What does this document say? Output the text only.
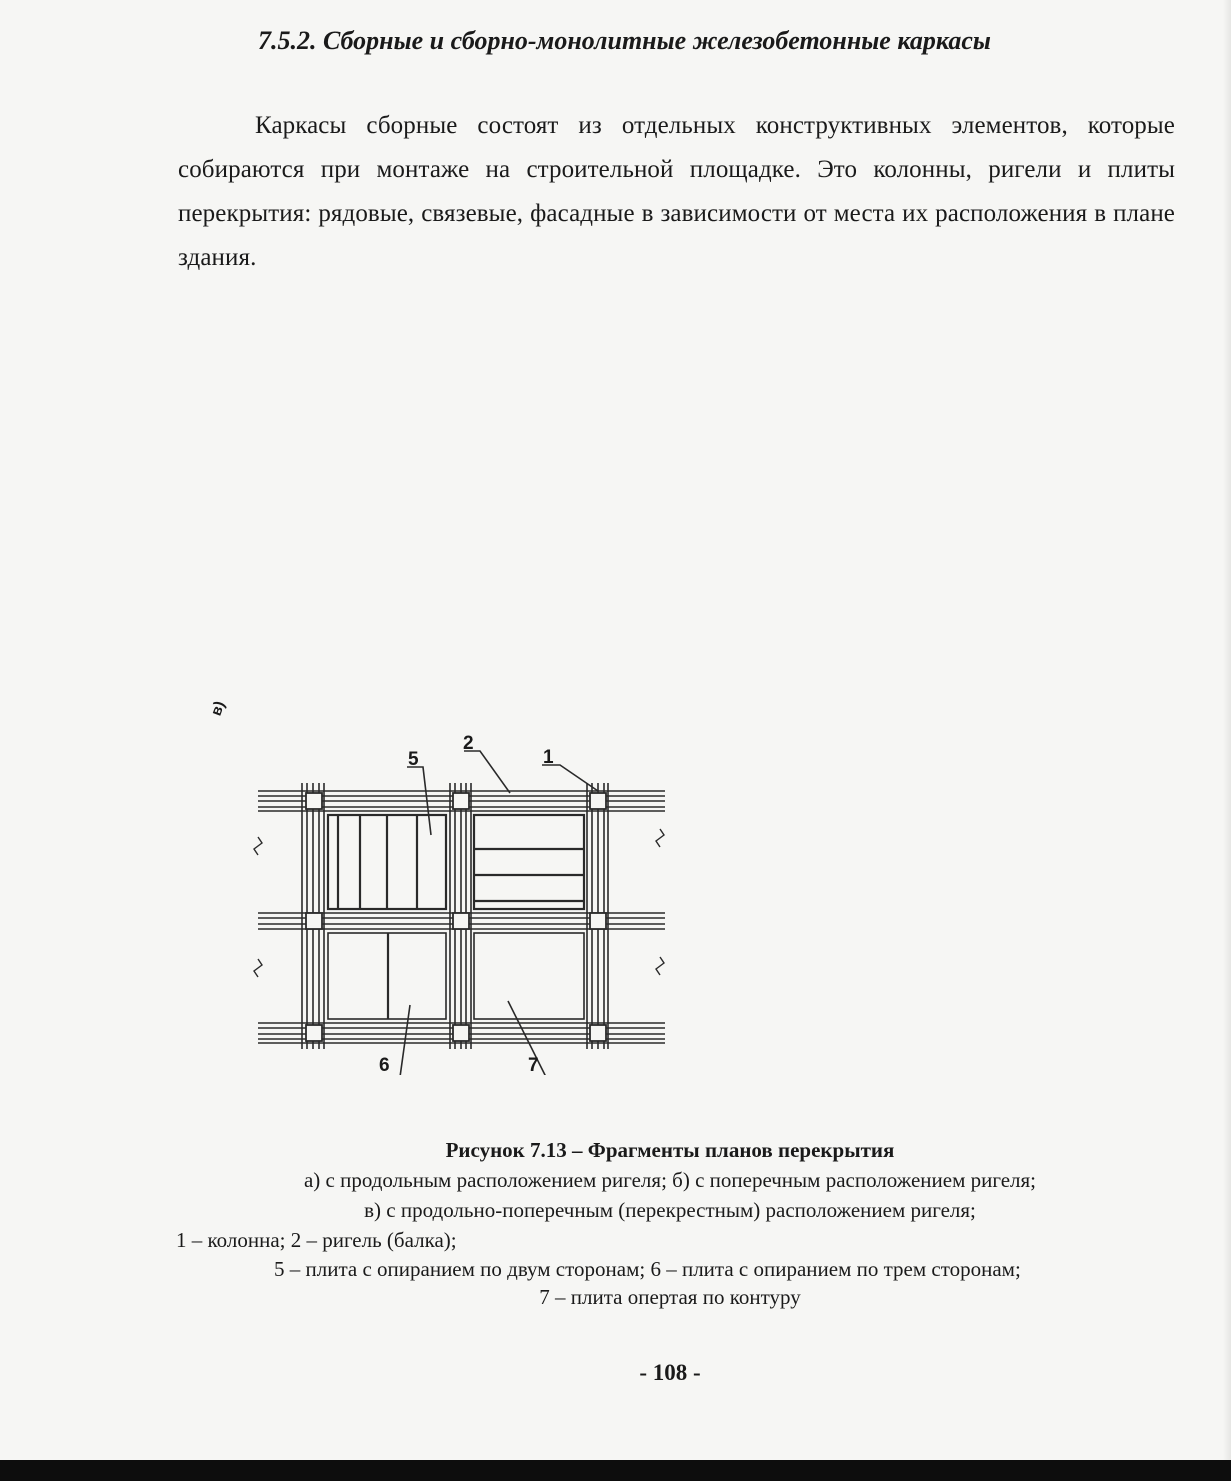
7.5.2. Сборные и сборно-монолитные железобетонные каркасы
Каркасы сборные состоят из отдельных конструктивных элементов, которые собираются при монтаже на строительной площадке. Это колонны, ригели и плиты перекрытия: рядовые, связевые, фасадные в зависимости от места их расположения в плане здания.
в)
5
2
1
6	7
Рисунок 7.13 – Фрагменты планов перекрытия
а) с продольным расположением ригеля; б) с поперечным расположением ригеля;
в) с продольно-поперечным (перекрестным) расположением ригеля;
1 – колонна; 2 – ригель (балка);
5 – плита с опиранием по двум сторонам; 6 – плита с опиранием по трем сторонам;
7 – плита опертая по контуру
- 108 -
